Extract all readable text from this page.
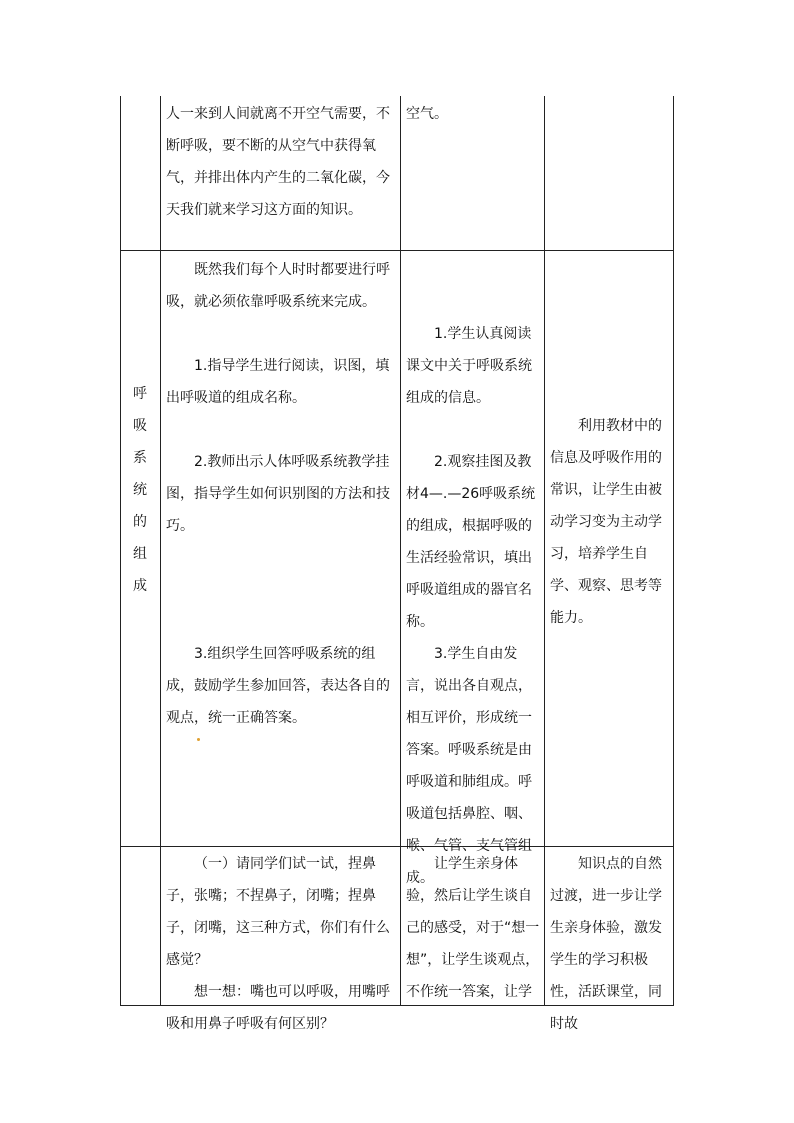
人一来到人间就离不开空气需要，不断呼吸，要不断的从空气中获得氧气，并排出体内产生的二氧化碳，今天我们就来学习这方面的知识。

空气。

呼
吸
系
统
的
组
成

既然我们每个人时时都要进行呼吸，就必须依靠呼吸系统来完成。

1.指导学生进行阅读，识图，填出呼吸道的组成名称。

2.教师出示人体呼吸系统教学挂图，指导学生如何识别图的方法和技巧。

3.组织学生回答呼吸系统的组成，鼓励学生参加回答，表达各自的观点，统一正确答案。

1.学生认真阅读课文中关于呼吸系统组成的信息。

2.观察挂图及教材4—.—26呼吸系统的组成，根据呼吸的生活经验常识，填出呼吸道组成的器官名称。

3.学生自由发言，说出各自观点，相互评价，形成统一答案。呼吸系统是由呼吸道和肺组成。呼吸道包括鼻腔、咽、喉、气管、支气管组成。

利用教材中的信息及呼吸作用的常识，让学生由被动学习变为主动学习，培养学生自学、观察、思考等能力。

（一）请同学们试一试，捏鼻子，张嘴；不捏鼻子，闭嘴；捏鼻子，闭嘴，这三种方式，你们有什么感觉？

想一想：嘴也可以呼吸，用嘴呼吸和用鼻子呼吸有何区别？

让学生亲身体验，然后让学生谈自己的感受，对于“想一想”，让学生谈观点，不作统一答案，让学

知识点的自然过渡，进一步让学生亲身体验，激发学生的学习积极性，活跃课堂，同时故
